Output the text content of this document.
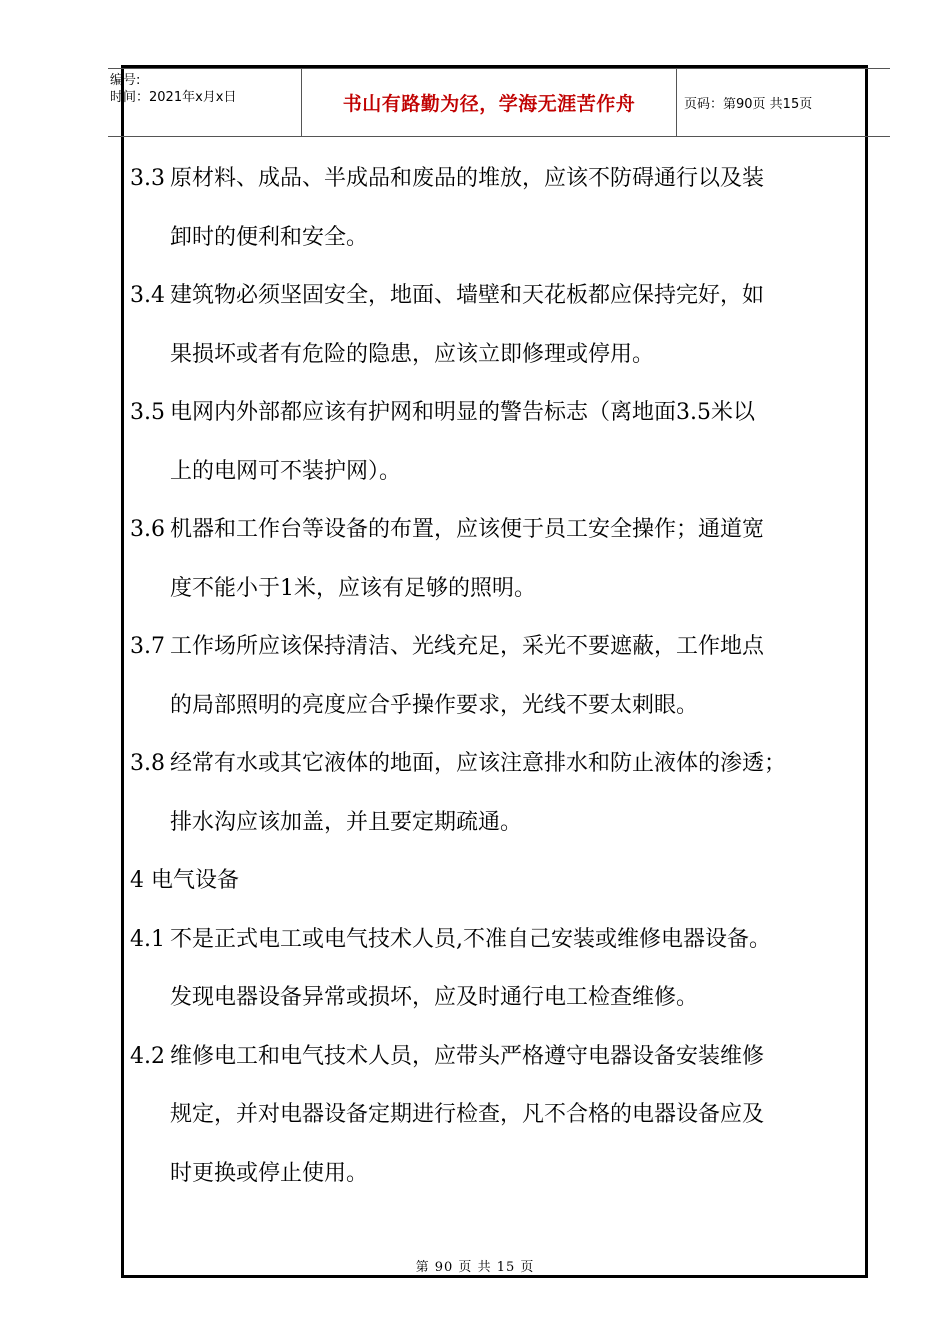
编号:
时间：2021年x月x日	书山有路勤为径，学海无涯苦作舟	页码：第90页 共15页
3.3 原材料、成品、半成品和废品的堆放，应该不防碍通行以及装
卸时的便利和安全。
3.4 建筑物必须坚固安全，地面、墙壁和天花板都应保持完好，如
果损坏或者有危险的隐患，应该立即修理或停用。
3.5 电网内外部都应该有护网和明显的警告标志（离地面3.5米以
上的电网可不装护网）。
3.6 机器和工作台等设备的布置，应该便于员工安全操作；通道宽
度不能小于1米，应该有足够的照明。
3.7 工作场所应该保持清洁、光线充足，采光不要遮蔽，工作地点
的局部照明的亮度应合乎操作要求，光线不要太刺眼。
3.8 经常有水或其它液体的地面，应该注意排水和防止液体的渗透；
排水沟应该加盖，并且要定期疏通。
4 电气设备
4.1 不是正式电工或电气技术人员,不准自己安装或维修电器设备。
发现电器设备异常或损坏，应及时通行电工检查维修。
4.2 维修电工和电气技术人员，应带头严格遵守电器设备安装维修
规定，并对电器设备定期进行检查，凡不合格的电器设备应及
时更换或停止使用。
第 90 页 共 15 页
